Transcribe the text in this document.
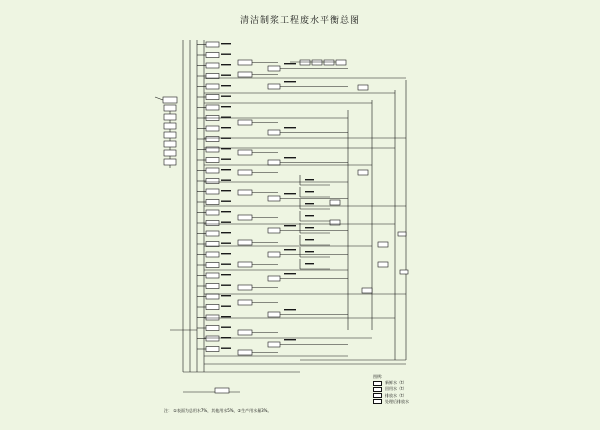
清洁制浆工程废水平衡总图
图例:
新鲜水（t）
回用水（t）
排放水（t）
处理后排放水
注： ①表面为总用水7%，其他用水5%，②生产用水量3%。
